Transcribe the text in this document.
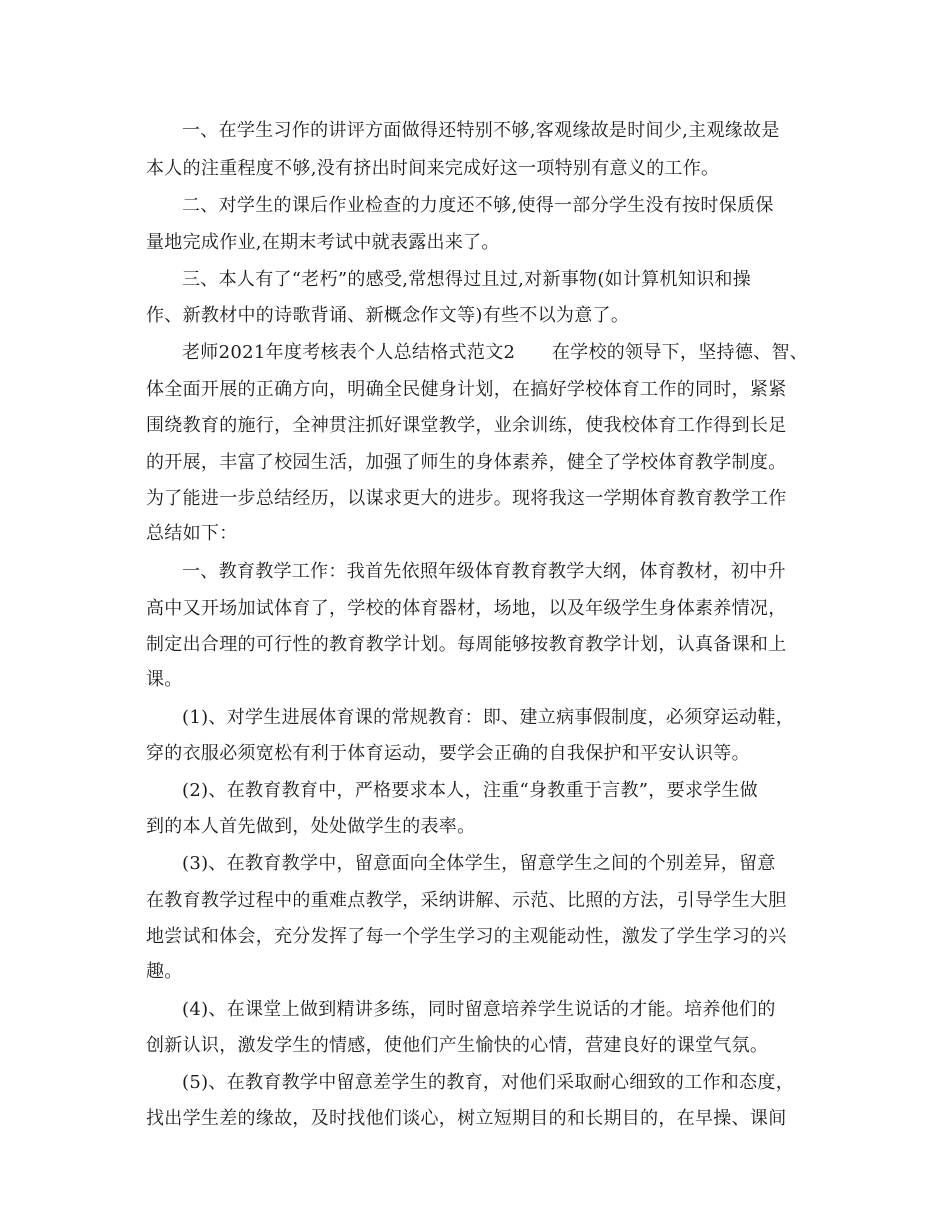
一、在学生习作的讲评方面做得还特别不够,客观缘故是时间少,主观缘故是
本人的注重程度不够,没有挤出时间来完成好这一项特别有意义的工作。
二、对学生的课后作业检查的力度还不够,使得一部分学生没有按时保质保
量地完成作业,在期末考试中就表露出来了。
三、本人有了“老朽”的感受,常想得过且过,对新事物(如计算机知识和操
作、新教材中的诗歌背诵、新概念作文等)有些不以为意了。
老师2021年度考核表个人总结格式范文2　　在学校的领导下，坚持德、智、
体全面开展的正确方向，明确全民健身计划，在搞好学校体育工作的同时，紧紧
围绕教育的施行，全神贯注抓好课堂教学，业余训练，使我校体育工作得到长足
的开展，丰富了校园生活，加强了师生的身体素养，健全了学校体育教学制度。
为了能进一步总结经历，以谋求更大的进步。现将我这一学期体育教育教学工作
总结如下：
一、教育教学工作：我首先依照年级体育教育教学大纲，体育教材，初中升
高中又开场加试体育了，学校的体育器材，场地，以及年级学生身体素养情况，
制定出合理的可行性的教育教学计划。每周能够按教育教学计划，认真备课和上
课。
(1)、对学生进展体育课的常规教育：即、建立病事假制度，必须穿运动鞋，
穿的衣服必须宽松有利于体育运动，要学会正确的自我保护和平安认识等。
(2)、在教育教育中，严格要求本人，注重“身教重于言教”，要求学生做
到的本人首先做到，处处做学生的表率。
(3)、在教育教学中，留意面向全体学生，留意学生之间的个别差异，留意
在教育教学过程中的重难点教学，采纳讲解、示范、比照的方法，引导学生大胆
地尝试和体会，充分发挥了每一个学生学习的主观能动性，激发了学生学习的兴
趣。
(4)、在课堂上做到精讲多练，同时留意培养学生说话的才能。培养他们的
创新认识，激发学生的情感，使他们产生愉快的心情，营建良好的课堂气氛。
(5)、在教育教学中留意差学生的教育，对他们采取耐心细致的工作和态度，
找出学生差的缘故，及时找他们谈心，树立短期目的和长期目的，在早操、课间
